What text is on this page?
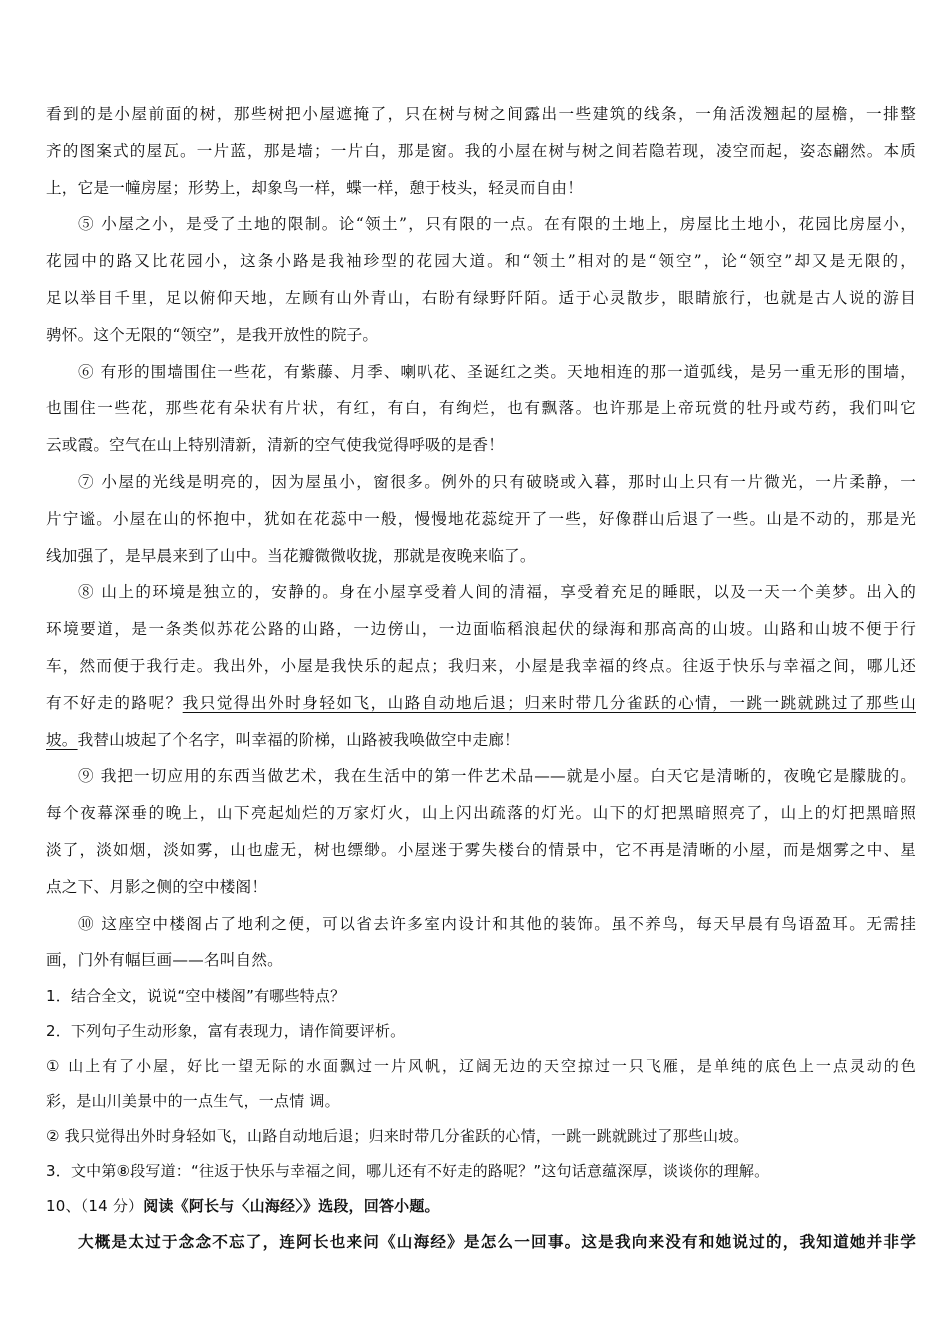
看到的是小屋前面的树，那些树把小屋遮掩了，只在树与树之间露出一些建筑的线条，一角活泼翘起的屋檐，一排整
齐的图案式的屋瓦。一片蓝，那是墙；一片白，那是窗。我的小屋在树与树之间若隐若现，凌空而起，姿态翩然。本质
上，它是一幢房屋；形势上，却象鸟一样，蝶一样，憩于枝头，轻灵而自由！
⑤ 小屋之小，是受了土地的限制。论“领土”，只有限的一点。在有限的土地上，房屋比土地小，花园比房屋小，
花园中的路又比花园小，这条小路是我袖珍型的花园大道。和“领土”相对的是“领空”，论“领空”却又是无限的，
足以举目千里，足以俯仰天地，左顾有山外青山，右盼有绿野阡陌。适于心灵散步，眼睛旅行，也就是古人说的游目
骋怀。这个无限的“领空”，是我开放性的院子。
⑥ 有形的围墙围住一些花，有紫藤、月季、喇叭花、圣诞红之类。天地相连的那一道弧线，是另一重无形的围墙，
也围住一些花，那些花有朵状有片状，有红，有白，有绚烂，也有飘落。也许那是上帝玩赏的牡丹或芍药，我们叫它
云或霞。空气在山上特别清新，清新的空气使我觉得呼吸的是香！
⑦ 小屋的光线是明亮的，因为屋虽小，窗很多。例外的只有破晓或入暮，那时山上只有一片微光，一片柔静，一
片宁谧。小屋在山的怀抱中，犹如在花蕊中一般，慢慢地花蕊绽开了一些，好像群山后退了一些。山是不动的，那是光
线加强了，是早晨来到了山中。当花瓣微微收拢，那就是夜晚来临了。
⑧ 山上的环境是独立的，安静的。身在小屋享受着人间的清福，享受着充足的睡眠，以及一天一个美梦。出入的
环境要道，是一条类似苏花公路的山路，一边傍山，一边面临稻浪起伏的绿海和那高高的山坡。山路和山坡不便于行
车，然而便于我行走。我出外，小屋是我快乐的起点；我归来，小屋是我幸福的终点。往返于快乐与幸福之间，哪儿还
有不好走的路呢？我只觉得出外时身轻如飞，山路自动地后退；归来时带几分雀跃的心情，一跳一跳就跳过了那些山
坡。我替山坡起了个名字，叫幸福的阶梯，山路被我唤做空中走廊！
⑨ 我把一切应用的东西当做艺术，我在生活中的第一件艺术品——就是小屋。白天它是清晰的，夜晚它是朦胧的。
每个夜幕深垂的晚上，山下亮起灿烂的万家灯火，山上闪出疏落的灯光。山下的灯把黑暗照亮了，山上的灯把黑暗照
淡了，淡如烟，淡如雾，山也虚无，树也缥缈。小屋迷于雾失楼台的情景中，它不再是清晰的小屋，而是烟雾之中、星
点之下、月影之侧的空中楼阁！
⑩ 这座空中楼阁占了地利之便，可以省去许多室内设计和其他的装饰。虽不养鸟，每天早晨有鸟语盈耳。无需挂
画，门外有幅巨画——名叫自然。
1．结合全文，说说“空中楼阁”有哪些特点？
2．下列句子生动形象，富有表现力，请作简要评析。
① 山上有了小屋，好比一望无际的水面飘过一片风帆，辽阔无边的天空掠过一只飞雁，是单纯的底色上一点灵动的色
彩，是山川美景中的一点生气，一点情 调。
② 我只觉得出外时身轻如飞，山路自动地后退；归来时带几分雀跃的心情，一跳一跳就跳过了那些山坡。
3．文中第⑧段写道：“往返于快乐与幸福之间，哪儿还有不好走的路呢？”这句话意蕴深厚，谈谈你的理解。
10、（14 分）阅读《阿长与〈山海经〉》选段，回答小题。
大概是太过于念念不忘了，连阿长也来问《山海经》是怎么一回事。这是我向来没有和她说过的，我知道她并非学
